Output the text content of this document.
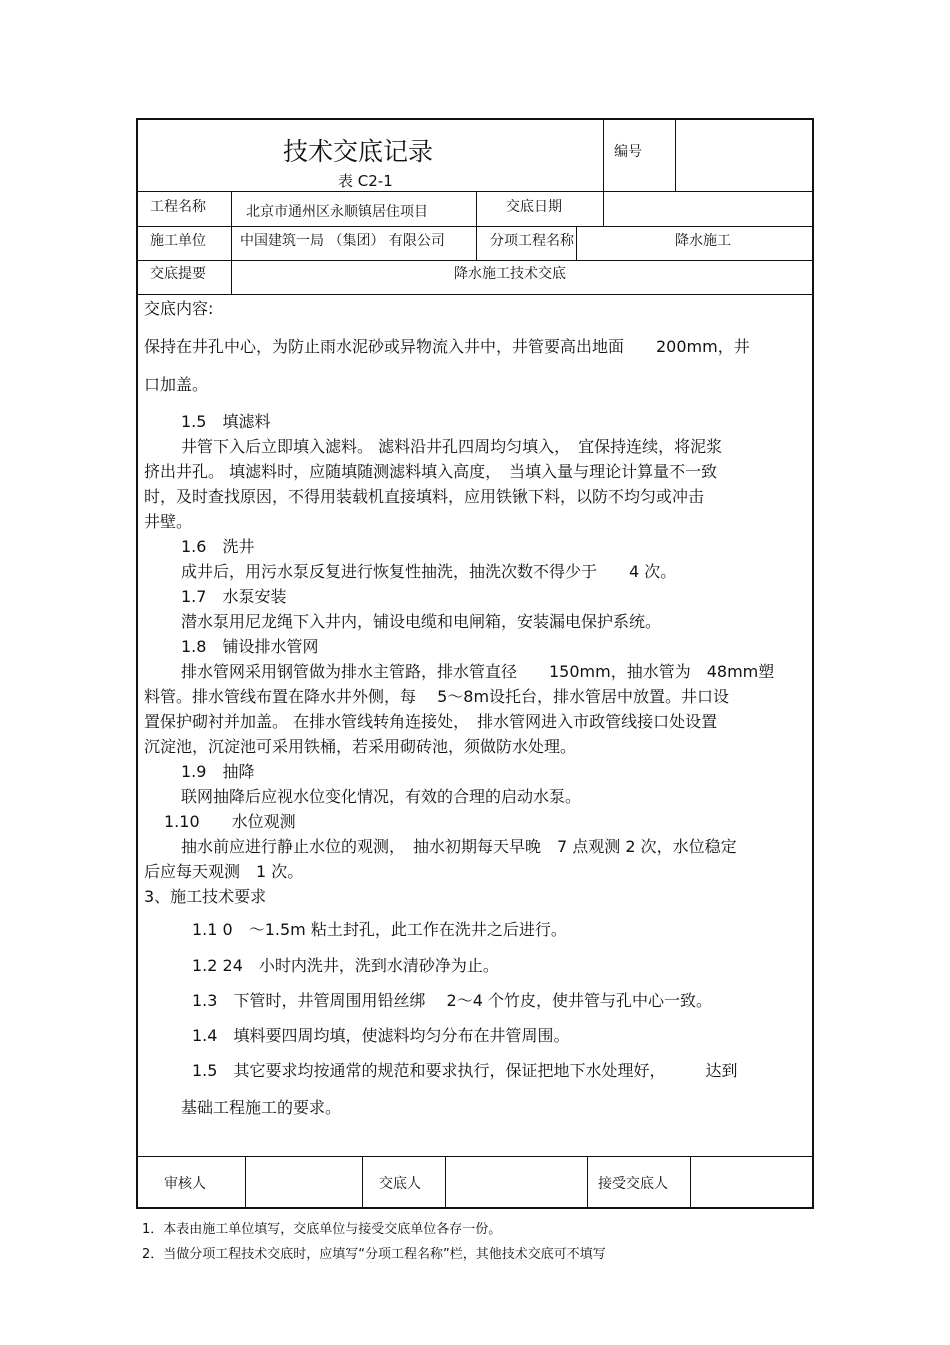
技术交底记录
表 C2-1
编号
工程名称	北京市通州区永顺镇居住项目	交底日期
施工单位 中国建筑一局 （集团） 有限公司	分项工程名称	降水施工
交底提要	降水施工技术交底
交底内容:
保持在井孔中心，为防止雨水泥砂或异物流入井中，井管要高出地面　　200mm，井
口加盖。
1.5　填滤料
井管下入后立即填入滤料。 滤料沿井孔四周均匀填入，　宜保持连续，将泥浆
挤出井孔。 填滤料时，应随填随测滤料填入高度，　当填入量与理论计算量不一致
时，及时查找原因，不得用装载机直接填料，应用铁锹下料，以防不均匀或冲击
井壁。
1.6　洗井
成井后，用污水泵反复进行恢复性抽洗，抽洗次数不得少于　　4 次。
1.7　水泵安装
潜水泵用尼龙绳下入井内，铺设电缆和电闸箱，安装漏电保护系统。
1.8　铺设排水管网
排水管网采用钢管做为排水主管路，排水管直径　　150mm，抽水管为　48mm塑
料管。排水管线布置在降水井外侧，每　 5～8m设托台，排水管居中放置。井口设
置保护砌衬并加盖。 在排水管线转角连接处，　排水管网进入市政管线接口处设置
沉淀池，沉淀池可采用铁桶，若采用砌砖池，须做防水处理。
1.9　抽降
联网抽降后应视水位变化情况，有效的合理的启动水泵。
1.10　　水位观测
抽水前应进行静止水位的观测，　抽水初期每天早晚　7 点观测 2 次，水位稳定
后应每天观测　1 次。
3、施工技术要求
1.1 0　～1.5m 粘土封孔，此工作在洗井之后进行。
1.2 24　小时内洗井，洗到水清砂净为止。
1.3　下管时，井管周围用铅丝绑　 2～4 个竹皮，使井管与孔中心一致。
1.4　填料要四周均填，使滤料均匀分布在井管周围。
1.5　其它要求均按通常的规范和要求执行，保证把地下水处理好，　　　达到
基础工程施工的要求。
审核人	交底人	接受交底人
1．本表由施工单位填写，交底单位与接受交底单位各存一份。
2．当做分项工程技术交底时，应填写“分项工程名称”栏，其他技术交底可不填写
